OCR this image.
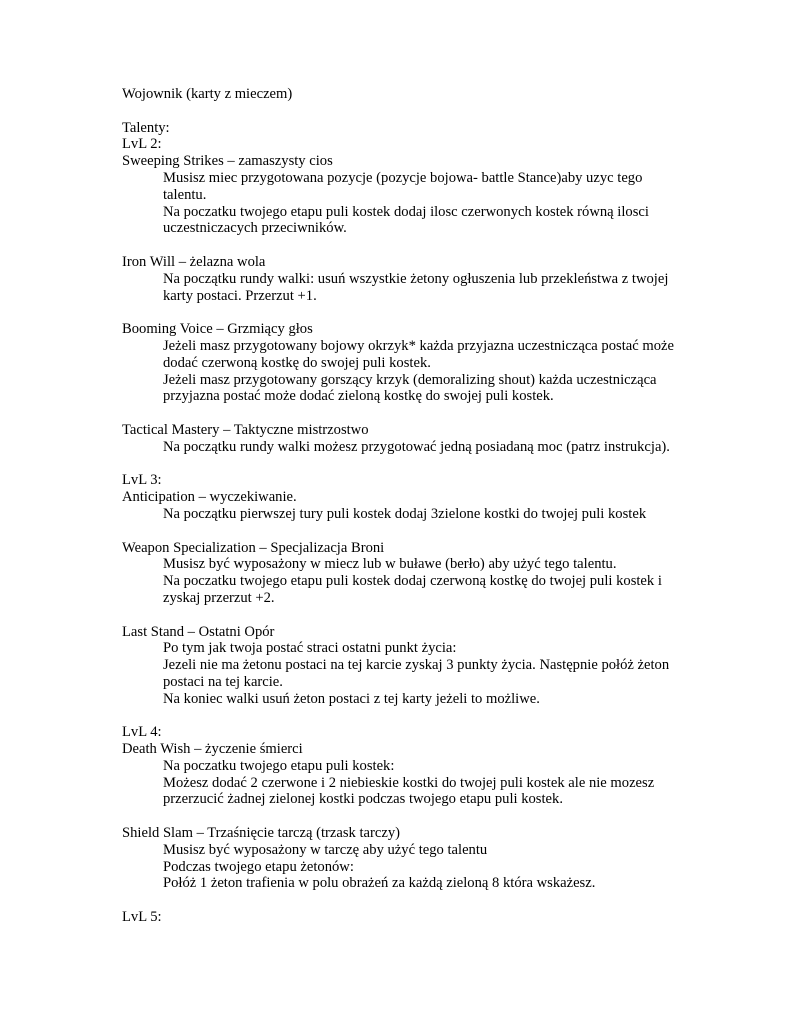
Wojownik (karty z mieczem)

Talenty:

LvL 2:

Sweeping Strikes – zamaszysty cios

Musisz miec przygotowana pozycje (pozycje bojowa- battle Stance)aby uzyc tego talentu.

Na poczatku twojego etapu puli kostek dodaj ilosc czerwonych kostek równą ilosci uczestniczacych przeciwników.

Iron Will – żelazna wola

Na początku rundy walki: usuń wszystkie żetony ogłuszenia lub przekleństwa z twojej karty postaci. Przerzut +1.

Booming Voice – Grzmiący głos

Jeżeli masz przygotowany bojowy okrzyk* każda przyjazna uczestnicząca postać może dodać czerwoną kostkę do swojej puli kostek.

Jeżeli masz przygotowany gorszący krzyk (demoralizing shout) każda uczestnicząca przyjazna postać może dodać zieloną kostkę do swojej puli kostek.

Tactical Mastery – Taktyczne mistrzostwo

Na początku rundy walki możesz przygotować jedną posiadaną moc (patrz instrukcja).

LvL 3:

Anticipation – wyczekiwanie.

Na początku pierwszej tury puli kostek dodaj 3zielone kostki do twojej puli kostek

Weapon Specialization – Specjalizacja Broni

Musisz być wyposażony w miecz lub w buławe (berło) aby użyć tego talentu.

Na poczatku twojego etapu puli kostek dodaj czerwoną kostkę do twojej puli kostek i zyskaj przerzut +2.

Last Stand – Ostatni Opór

Po tym jak twoja postać straci ostatni punkt życia:

Jezeli nie ma żetonu postaci na tej karcie zyskaj 3 punkty życia. Następnie połóż żeton postaci na tej karcie.

Na koniec walki usuń żeton postaci z tej karty jeżeli to możliwe.

LvL 4:

Death Wish – życzenie śmierci

Na poczatku twojego etapu puli kostek:

Możesz dodać 2 czerwone i 2 niebieskie kostki do twojej puli kostek ale nie mozesz przerzucić żadnej zielonej kostki podczas twojego etapu puli kostek.

Shield Slam – Trzaśnięcie tarczą (trzask tarczy)

Musisz być wyposażony w tarczę aby użyć tego talentu

Podczas twojego etapu żetonów:

Połóż 1 żeton trafienia w polu obrażeń za każdą zieloną 8 która wskażesz.

LvL 5:
